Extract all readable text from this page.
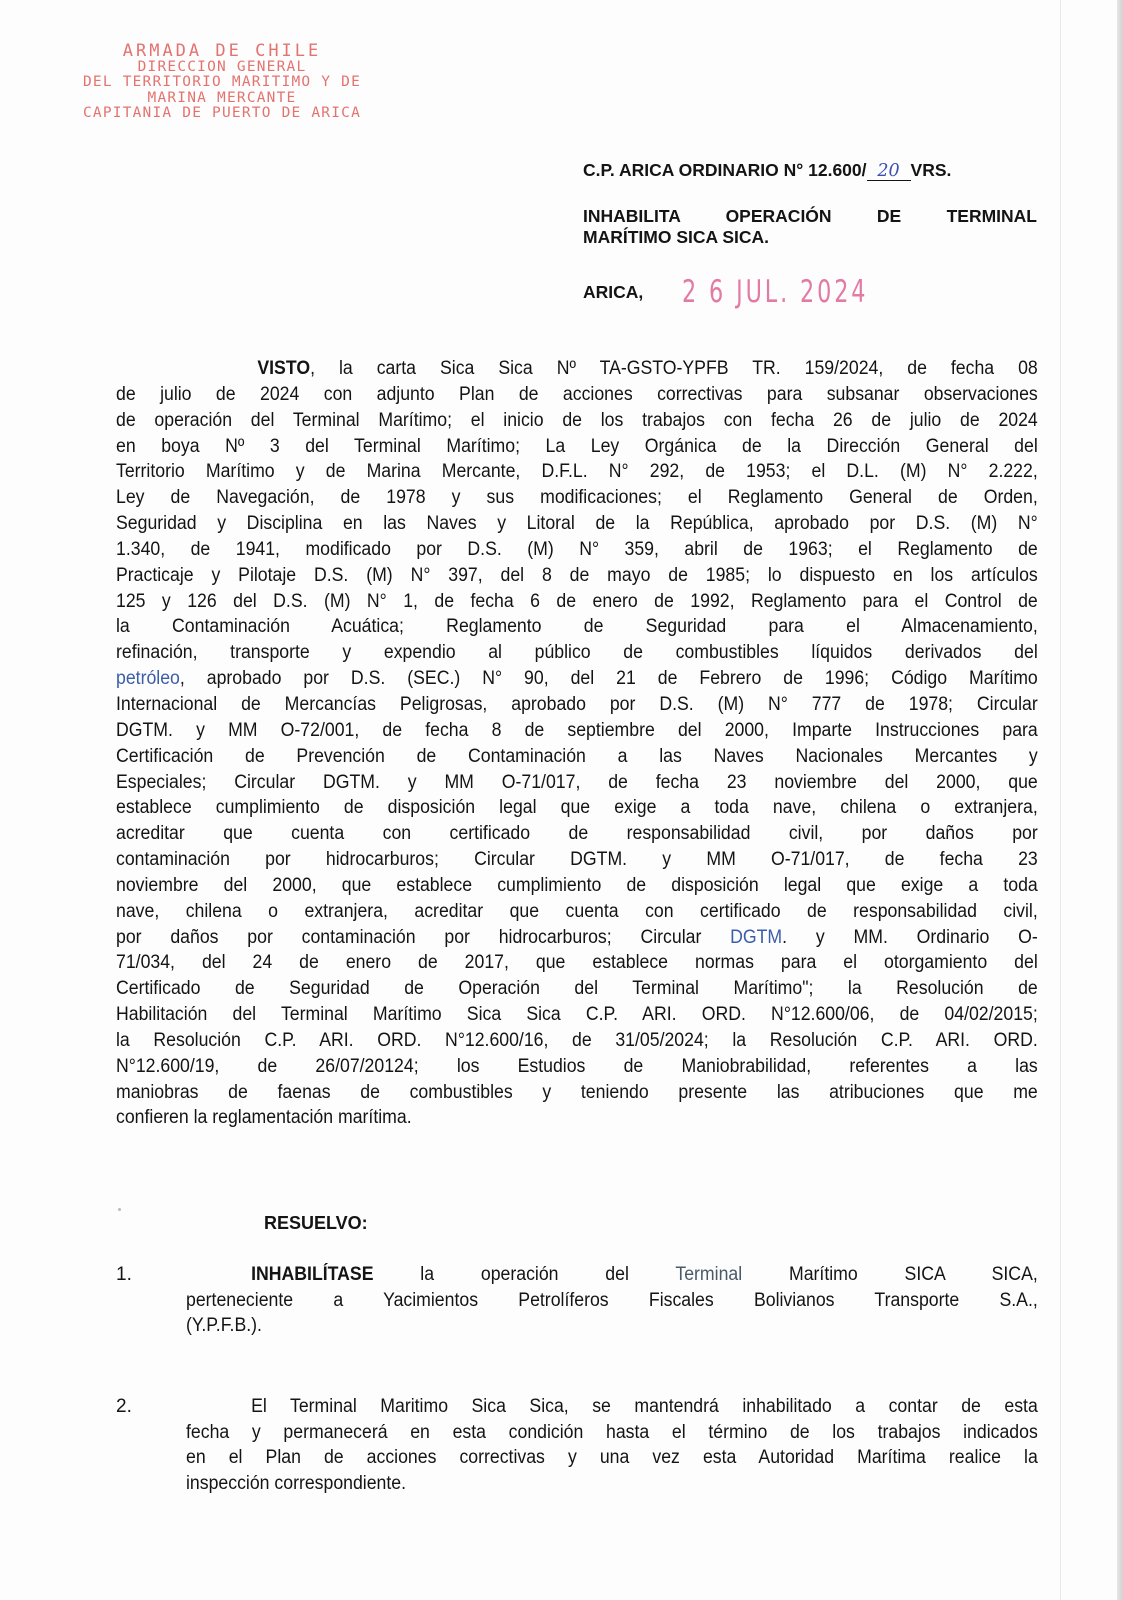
ARMADA DE CHILE
DIRECCION GENERAL
DEL TERRITORIO MARITIMO Y DE
MARINA MERCANTE
CAPITANIA DE PUERTO DE ARICA
C.P. ARICA ORDINARIO N° 12.600/ 20 VRS.
INHABILITA OPERACIÓN DE TERMINAL
MARÍTIMO SICA SICA.
ARICA, 2 6 JUL. 2024
VISTO, la carta Sica Sica Nº TA-GSTO-YPFB TR. 159/2024, de fecha 08
de julio de 2024 con adjunto Plan de acciones correctivas para subsanar observaciones
de operación del Terminal Marítimo; el inicio de los trabajos con fecha 26 de julio de 2024
en boya Nº 3 del Terminal Marítimo; La Ley Orgánica de la Dirección General del
Territorio Marítimo y de Marina Mercante, D.F.L. N° 292, de 1953; el D.L. (M) N° 2.222,
Ley de Navegación, de 1978 y sus modificaciones; el Reglamento General de Orden,
Seguridad y Disciplina en las Naves y Litoral de la República, aprobado por D.S. (M) N°
1.340, de 1941, modificado por D.S. (M) N° 359, abril de 1963; el Reglamento de
Practicaje y Pilotaje D.S. (M) N° 397, del 8 de mayo de 1985; lo dispuesto en los artículos
125 y 126 del D.S. (M) N° 1, de fecha 6 de enero de 1992, Reglamento para el Control de
la Contaminación Acuática; Reglamento de Seguridad para el Almacenamiento,
refinación, transporte y expendio al público de combustibles líquidos derivados del
petróleo, aprobado por D.S. (SEC.) N° 90, del 21 de Febrero de 1996; Código Marítimo
Internacional de Mercancías Peligrosas, aprobado por D.S. (M) N° 777 de 1978; Circular
DGTM. y MM O-72/001, de fecha 8 de septiembre del 2000, Imparte Instrucciones para
Certificación de Prevención de Contaminación a las Naves Nacionales Mercantes y
Especiales; Circular DGTM. y MM O-71/017, de fecha 23 noviembre del 2000, que
establece cumplimiento de disposición legal que exige a toda nave, chilena o extranjera,
acreditar que cuenta con certificado de responsabilidad civil, por daños por
contaminación por hidrocarburos; Circular DGTM. y MM O-71/017, de fecha 23
noviembre del 2000, que establece cumplimiento de disposición legal que exige a toda
nave, chilena o extranjera, acreditar que cuenta con certificado de responsabilidad civil,
por daños por contaminación por hidrocarburos; Circular DGTM. y MM. Ordinario O-
71/034, del 24 de enero de 2017, que establece normas para el otorgamiento del
Certificado de Seguridad de Operación del Terminal Marítimo"; la Resolución de
Habilitación del Terminal Marítimo Sica Sica C.P. ARI. ORD. N°12.600/06, de 04/02/2015;
la Resolución C.P. ARI. ORD. N°12.600/16, de 31/05/2024; la Resolución C.P. ARI. ORD.
N°12.600/19, de 26/07/20124; los Estudios de Maniobrabilidad, referentes a las
maniobras de faenas de combustibles y teniendo presente las atribuciones que me
confieren la reglamentación marítima.
RESUELVO:
1.	INHABILÍTASE la operación del Terminal Marítimo SICA SICA,
perteneciente a Yacimientos Petrolíferos Fiscales Bolivianos Transporte S.A.,
(Y.P.F.B.).
2.	El Terminal Maritimo Sica Sica, se mantendrá inhabilitado a contar de esta
fecha y permanecerá en esta condición hasta el término de los trabajos indicados
en el Plan de acciones correctivas y una vez esta Autoridad Marítima realice la
inspección correspondiente.
